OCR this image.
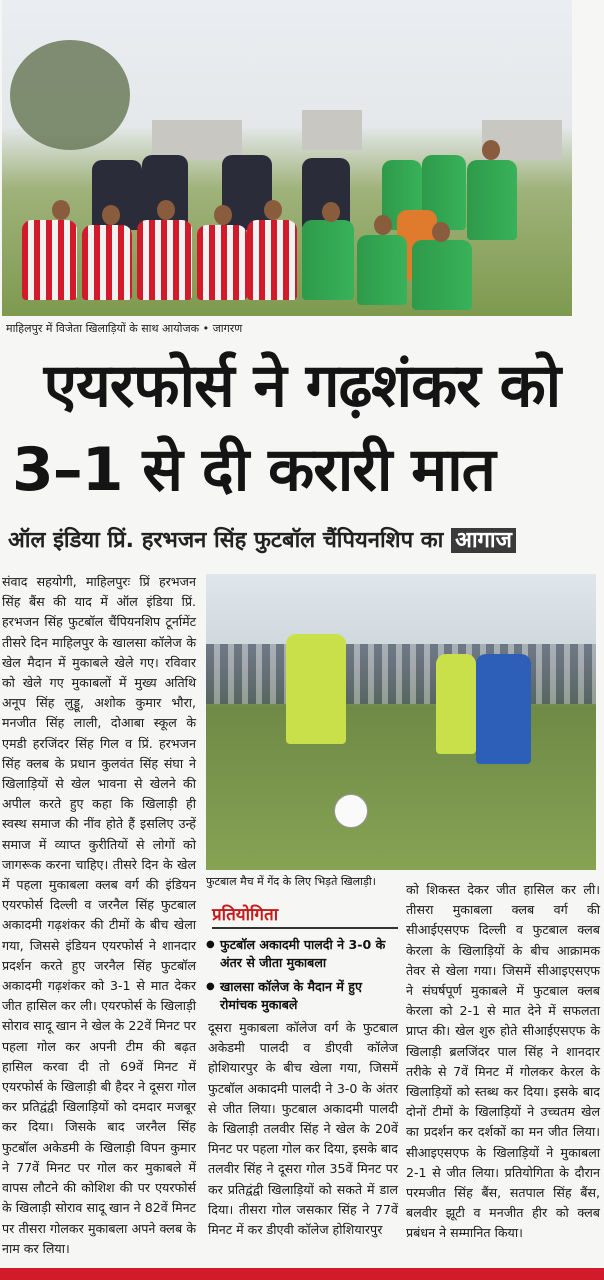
माहिलपुर में विजेता खिलाड़ियों के साथ आयोजक • जागरण
एयरफोर्स ने गढ़शंकर को
3–1 से दी करारी मात
ऑल इंडिया प्रिं. हरभजन सिंह फुटबॉल चैंपियनशिप का आगाज
संवाद सहयोगी, माहिलपुरः प्रिं हरभजन सिंह बैंस की याद में ऑल इंडिया प्रिं. हरभजन सिंह फुटबॉल चैंपियनशिप टूर्नामेंट तीसरे दिन माहिलपुर के खालसा कॉलेज के खेल मैदान में मुकाबले खेले गए। रविवार को खेले गए मुकाबलों में मुख्य अतिथि अनूप सिंह लुड्डू, अशोक कुमार भौरा, मनजीत सिंह लाली, दोआबा स्कूल के एमडी हरजिंदर सिंह गिल व प्रिं. हरभजन सिंह क्लब के प्रधान कुलवंत सिंह संघा ने खिलाड़ियों से खेल भावना से खेलने की अपील करते हुए कहा कि खिलाड़ी ही स्वस्थ समाज की नींव होते हैं इसलिए उन्हें समाज में व्याप्त कुरीतियों से लोगों को जागरूक करना चाहिए। तीसरे दिन के खेल में पहला मुकाबला क्लब वर्ग की इंडियन एयरफोर्स दिल्ली व जरनैल सिंह फुटबाल अकादमी गढ़शंकर की टीमों के बीच खेला गया, जिससे इंडियन एयरफोर्स ने शानदार प्रदर्शन करते हुए जरनैल सिंह फुटबॉल अकादमी गढ़शंकर को 3-1 से मात देकर जीत हासिल कर ली। एयरफोर्स के खिलाड़ी सोराव सादू खान ने खेल के 22वें मिनट पर पहला गोल कर अपनी टीम की बढ़त हासिल करवा दी तो 69वें मिनट में एयरफोर्स के खिलाड़ी बी हैदर ने दूसरा गोल कर प्रतिद्वंद्वी खिलाड़ियों को दमदार मजबूर कर दिया। जिसके बाद जरनैल सिंह फुटबॉल अकेडमी के खिलाड़ी विपन कुमार ने 77वें मिनट पर गोल कर मुकाबले में वापस लौटने की कोशिश की पर एयरफोर्स के खिलाड़ी सोराव सादू खान ने 82वें मिनट पर तीसरा गोलकर मुकाबला अपने क्लब के नाम कर लिया।
फुटबाल मैच में गेंद के लिए भिड़ते खिलाड़ी।
प्रतियोगिता
● फुटबॉल अकादमी पालदी ने 3-0 के अंतर से जीता मुकाबला
● खालसा कॉलेज के मैदान में हुए रोमांचक मुकाबले
दूसरा मुकाबला कॉलेज वर्ग के फुटबाल अकेडमी पालदी व डीएवी कॉलेज होशियारपुर के बीच खेला गया, जिसमें फुटबॉल अकादमी पालदी ने 3-0 के अंतर से जीत लिया। फुटबाल अकादमी पालदी के खिलाड़ी तलवीर सिंह ने खेल के 20वें मिनट पर पहला गोल कर दिया, इसके बाद तलवीर सिंह ने दूसरा गोल 35वें मिनट पर कर प्रतिद्वंद्वी खिलाड़ियों को सकते में डाल दिया। तीसरा गोल जसकार सिंह ने 77वें मिनट में कर डीएवी कॉलेज होशियारपुर
को शिकस्त देकर जीत हासिल कर ली। तीसरा मुकाबला क्लब वर्ग की सीआईएसएफ दिल्ली व फुटबाल क्लब केरला के खिलाड़ियों के बीच आक्रामक तेवर से खेला गया। जिसमें सीआइएसएफ ने संघर्षपूर्ण मुकाबले में फुटबाल क्लब केरला को 2-1 से मात देने में सफलता प्राप्त की। खेल शुरु होते सीआईएसएफ के खिलाड़ी ब्रलजिंदर पाल सिंह ने शानदार तरीके से 7वें मिनट में गोलकर केरल के खिलाड़ियों को स्तब्ध कर दिया। इसके बाद दोनों टीमों के खिलाड़ियों ने उच्चतम खेल का प्रदर्शन कर दर्शकों का मन जीत लिया। सीआइएसएफ के खिलाड़ियों ने मुकाबला 2-1 से जीत लिया। प्रतियोगिता के दौरान परमजीत सिंह बैंस, सतपाल सिंह बैंस, बलवीर झूटी व मनजीत हीर को क्लब प्रबंधन ने सम्मानित किया।
